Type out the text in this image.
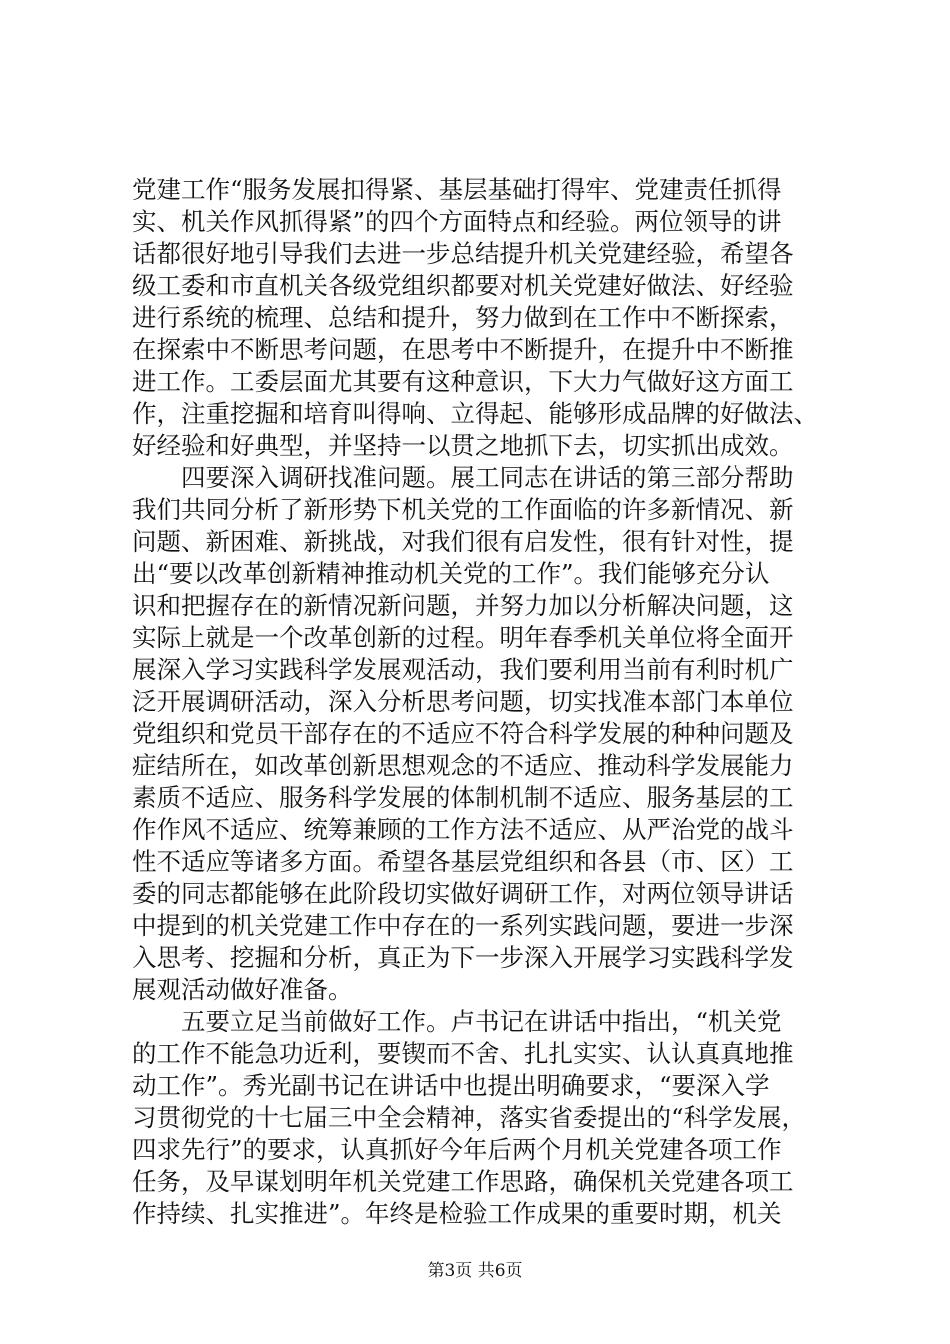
党建工作“服务发展扣得紧、基层基础打得牢、党建责任抓得
实、机关作风抓得紧”的四个方面特点和经验。两位领导的讲
话都很好地引导我们去进一步总结提升机关党建经验，希望各
级工委和市直机关各级党组织都要对机关党建好做法、好经验
进行系统的梳理、总结和提升，努力做到在工作中不断探索，
在探索中不断思考问题，在思考中不断提升，在提升中不断推
进工作。工委层面尤其要有这种意识，下大力气做好这方面工
作，注重挖掘和培育叫得响、立得起、能够形成品牌的好做法、
好经验和好典型，并坚持一以贯之地抓下去，切实抓出成效。
　　四要深入调研找准问题。展工同志在讲话的第三部分帮助
我们共同分析了新形势下机关党的工作面临的许多新情况、新
问题、新困难、新挑战，对我们很有启发性，很有针对性，提
出“要以改革创新精神推动机关党的工作”。我们能够充分认
识和把握存在的新情况新问题，并努力加以分析解决问题，这
实际上就是一个改革创新的过程。明年春季机关单位将全面开
展深入学习实践科学发展观活动，我们要利用当前有利时机广
泛开展调研活动，深入分析思考问题，切实找准本部门本单位
党组织和党员干部存在的不适应不符合科学发展的种种问题及
症结所在，如改革创新思想观念的不适应、推动科学发展能力
素质不适应、服务科学发展的体制机制不适应、服务基层的工
作作风不适应、统筹兼顾的工作方法不适应、从严治党的战斗
性不适应等诸多方面。希望各基层党组织和各县（市、区）工
委的同志都能够在此阶段切实做好调研工作，对两位领导讲话
中提到的机关党建工作中存在的一系列实践问题，要进一步深
入思考、挖掘和分析，真正为下一步深入开展学习实践科学发
展观活动做好准备。
　　五要立足当前做好工作。卢书记在讲话中指出，“机关党
的工作不能急功近利，要锲而不舍、扎扎实实、认认真真地推
动工作”。秀光副书记在讲话中也提出明确要求，“要深入学
习贯彻党的十七届三中全会精神，落实省委提出的“科学发展，
四求先行”的要求，认真抓好今年后两个月机关党建各项工作
任务，及早谋划明年机关党建工作思路，确保机关党建各项工
作持续、扎实推进”。年终是检验工作成果的重要时期，机关
第3页 共6页
